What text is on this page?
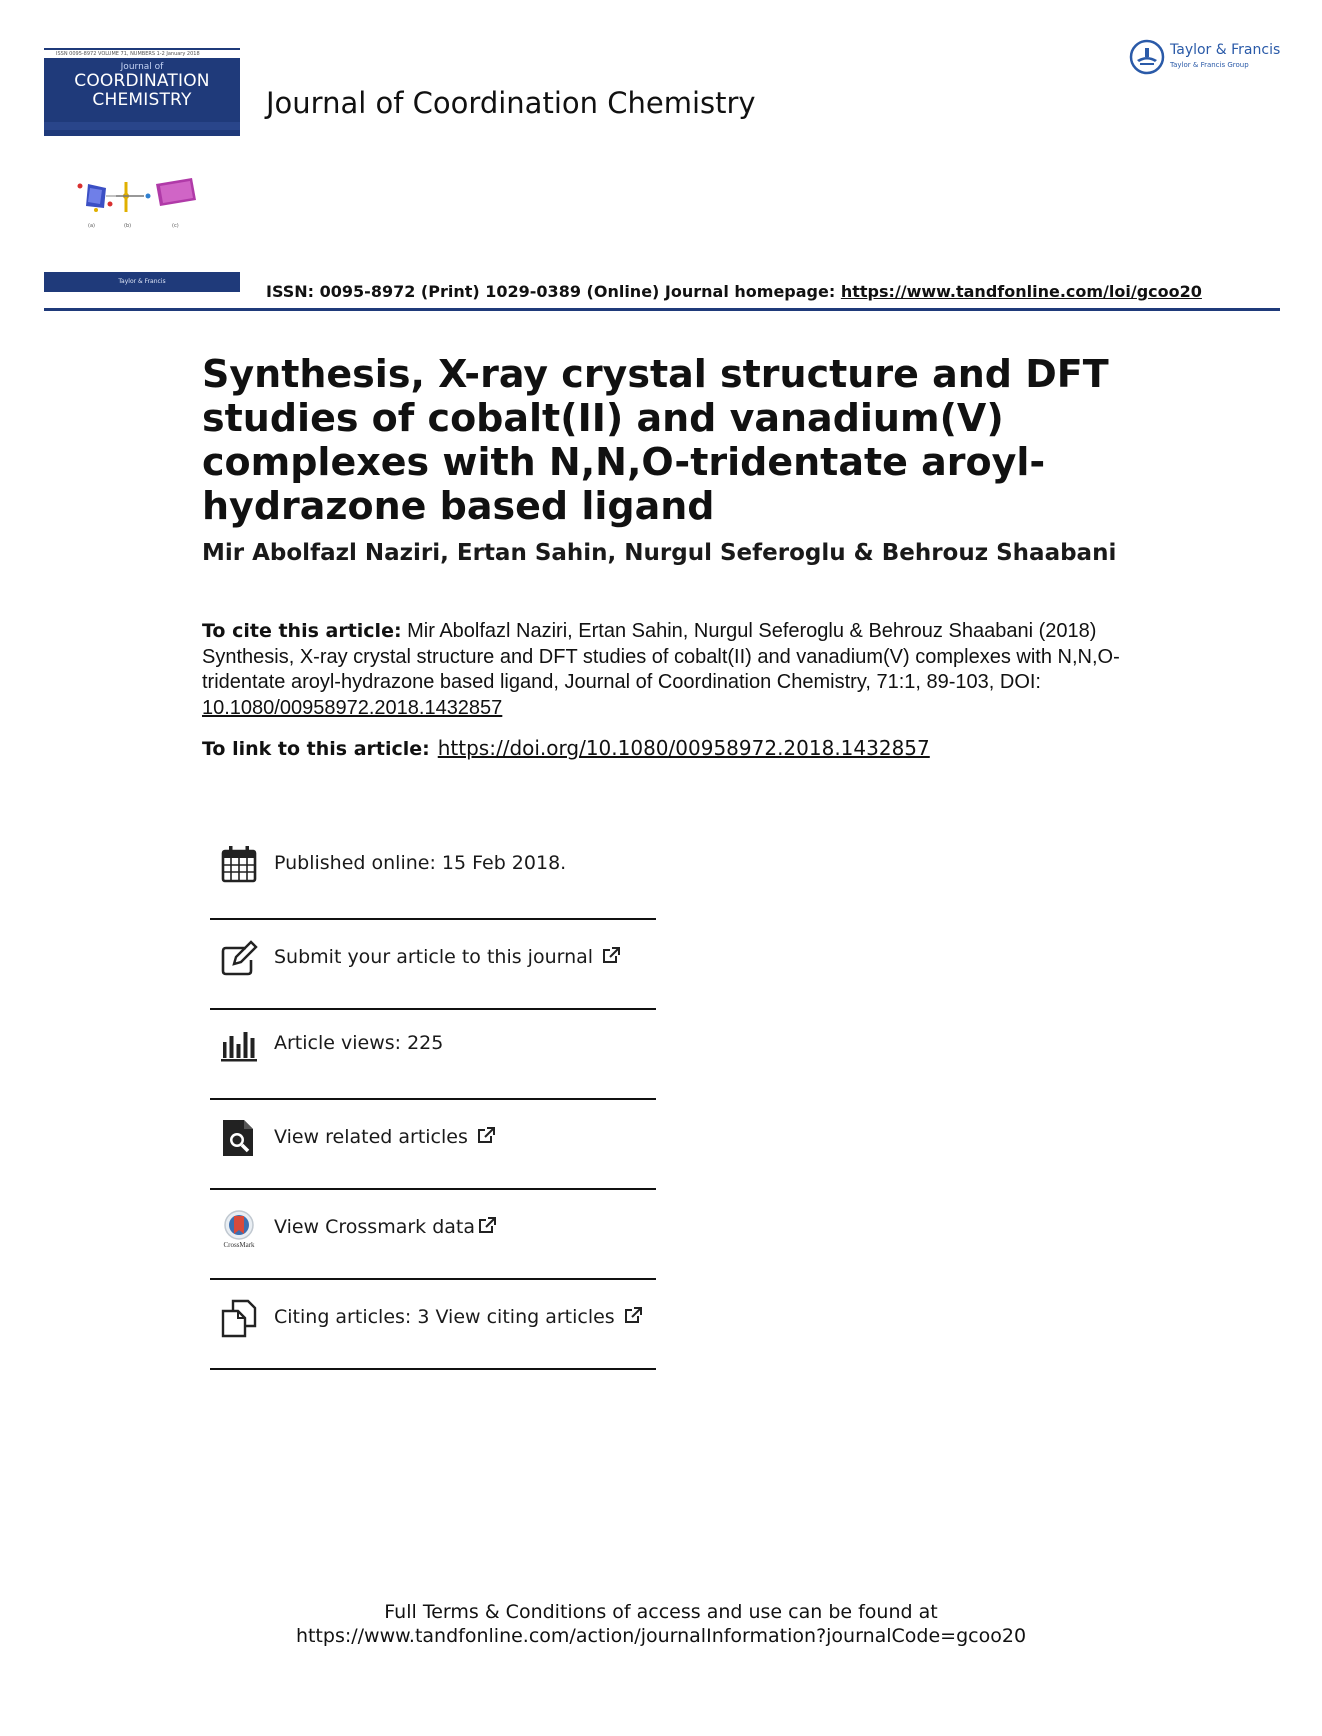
ISSN 0095-8972 VOLUME 71, NUMBERS 1-2 January 2018
Journal of
COORDINATION
CHEMISTRY
(a)	(b)	(c)
Taylor & Francis
Journal of Coordination Chemistry
Taylor & Francis
Taylor & Francis Group
ISSN: 0095-8972 (Print) 1029-0389 (Online) Journal homepage: https://www.tandfonline.com/loi/gcoo20
Synthesis, X-ray crystal structure and DFT studies of cobalt(II) and vanadium(V) complexes with N,N,O-tridentate aroyl-hydrazone based ligand
Mir Abolfazl Naziri, Ertan Sahin, Nurgul Seferoglu & Behrouz Shaabani
To cite this article: Mir Abolfazl Naziri, Ertan Sahin, Nurgul Seferoglu & Behrouz Shaabani (2018) Synthesis, X-ray crystal structure and DFT studies of cobalt(II) and vanadium(V) complexes with N,N,O-tridentate aroyl-hydrazone based ligand, Journal of Coordination Chemistry, 71:1, 89-103, DOI: 10.1080/00958972.2018.1432857
To link to this article: https://doi.org/10.1080/00958972.2018.1432857
Published online: 15 Feb 2018.
Submit your article to this journal
Article views: 225
View related articles
CrossMark
View Crossmark data
Citing articles: 3 View citing articles
Full Terms & Conditions of access and use can be found at
https://www.tandfonline.com/action/journalInformation?journalCode=gcoo20
